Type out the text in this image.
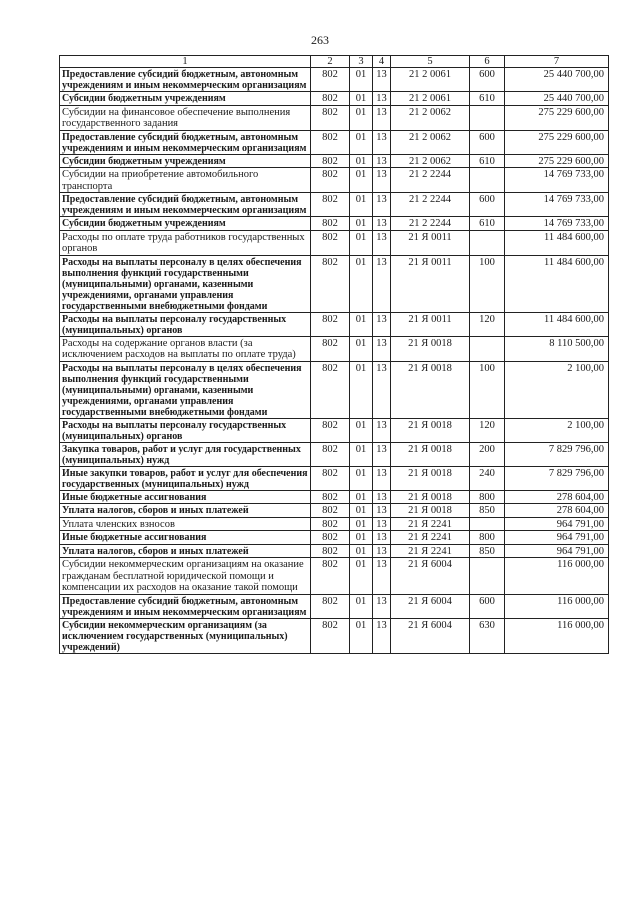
263
1	2	3	4	5	6	7
Предоставление субсидий бюджетным, автономным учреждениям и иным некоммерческим организациям	802	01	13	21 2 0061	600	25 440 700,00
Субсидии бюджетным учреждениям	802	01	13	21 2 0061	610	25 440 700,00
Субсидии на финансовое обеспечение выполнения государственного задания	802	01	13	21 2 0062		275 229 600,00
Предоставление субсидий бюджетным, автономным учреждениям и иным некоммерческим организациям	802	01	13	21 2 0062	600	275 229 600,00
Субсидии бюджетным учреждениям	802	01	13	21 2 0062	610	275 229 600,00
Субсидии на приобретение автомобильного транспорта	802	01	13	21 2 2244		14 769 733,00
Предоставление субсидий бюджетным, автономным учреждениям и иным некоммерческим организациям	802	01	13	21 2 2244	600	14 769 733,00
Субсидии бюджетным учреждениям	802	01	13	21 2 2244	610	14 769 733,00
Расходы по оплате труда работников государственных органов	802	01	13	21 Я 0011		11 484 600,00
Расходы на выплаты персоналу в целях обеспечения выполнения функций государственными (муниципальными) органами, казенными учреждениями, органами управления государственными внебюджетными фондами	802	01	13	21 Я 0011	100	11 484 600,00
Расходы на выплаты персоналу государственных (муниципальных) органов	802	01	13	21 Я 0011	120	11 484 600,00
Расходы на содержание органов власти (за исключением расходов на выплаты по оплате труда)	802	01	13	21 Я 0018		8 110 500,00
Расходы на выплаты персоналу в целях обеспечения выполнения функций государственными (муниципальными) органами, казенными учреждениями, органами управления государственными внебюджетными фондами	802	01	13	21 Я 0018	100	2 100,00
Расходы на выплаты персоналу государственных (муниципальных) органов	802	01	13	21 Я 0018	120	2 100,00
Закупка товаров, работ и услуг для государственных (муниципальных) нужд	802	01	13	21 Я 0018	200	7 829 796,00
Иные закупки товаров, работ и услуг для обеспечения государственных (муниципальных) нужд	802	01	13	21 Я 0018	240	7 829 796,00
Иные бюджетные ассигнования	802	01	13	21 Я 0018	800	278 604,00
Уплата налогов, сборов и иных платежей	802	01	13	21 Я 0018	850	278 604,00
Уплата членских взносов	802	01	13	21 Я 2241		964 791,00
Иные бюджетные ассигнования	802	01	13	21 Я 2241	800	964 791,00
Уплата налогов, сборов и иных платежей	802	01	13	21 Я 2241	850	964 791,00
Субсидии некоммерческим организациям на оказание гражданам бесплатной юридической помощи и компенсации их расходов на оказание такой помощи	802	01	13	21 Я 6004		116 000,00
Предоставление субсидий бюджетным, автономным учреждениям и иным некоммерческим организациям	802	01	13	21 Я 6004	600	116 000,00
Субсидии некоммерческим организациям (за исключением государственных (муниципальных) учреждений)	802	01	13	21 Я 6004	630	116 000,00
